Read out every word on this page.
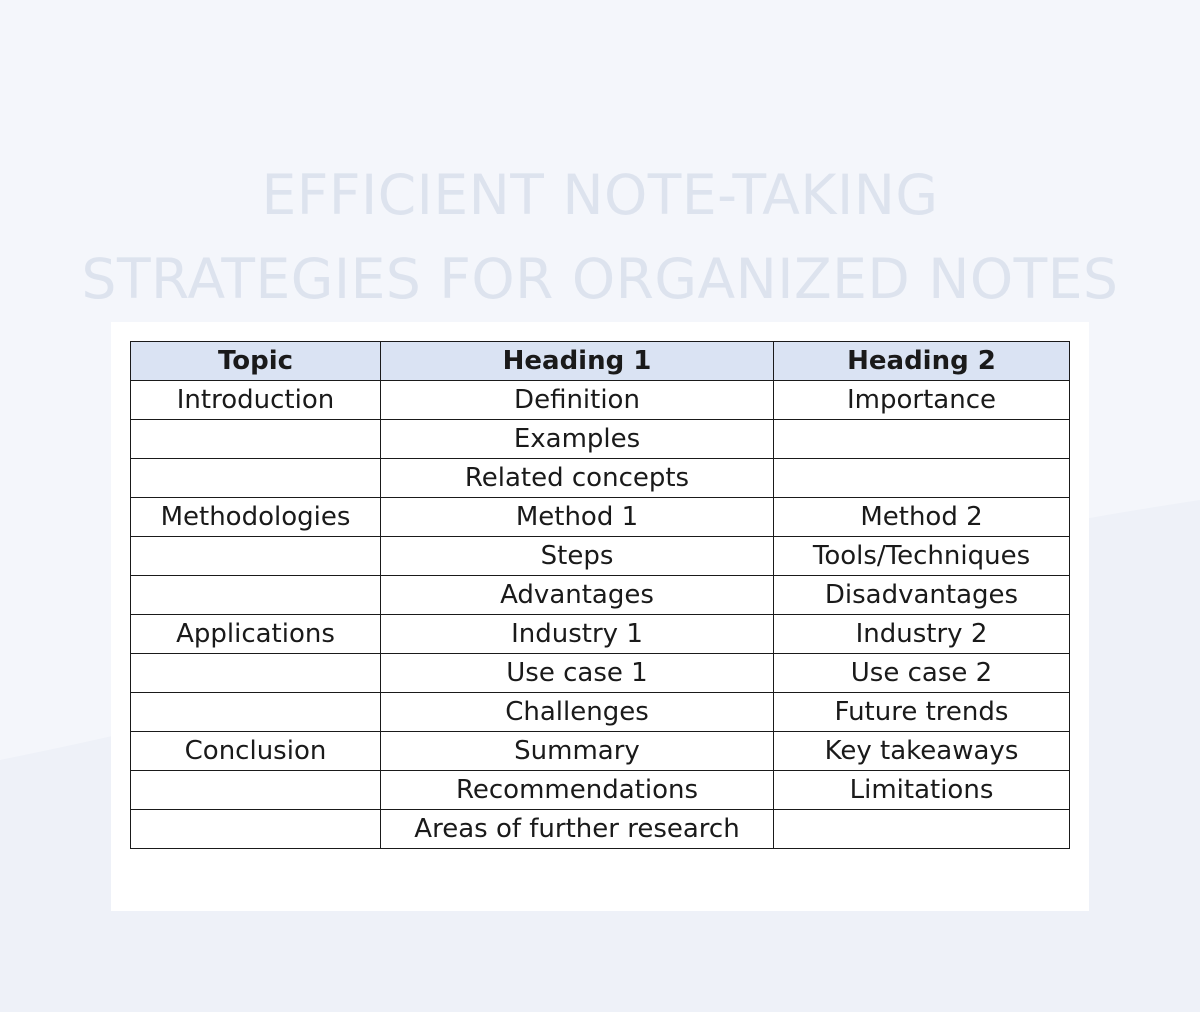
EFFICIENT NOTE-TAKING
STRATEGIES FOR ORGANIZED NOTES
Topic	Heading 1	Heading 2
Introduction	Definition	Importance
	Examples	
	Related concepts	
Methodologies	Method 1	Method 2
	Steps	Tools/Techniques
	Advantages	Disadvantages
Applications	Industry 1	Industry 2
	Use case 1	Use case 2
	Challenges	Future trends
Conclusion	Summary	Key takeaways
	Recommendations	Limitations
	Areas of further research	
